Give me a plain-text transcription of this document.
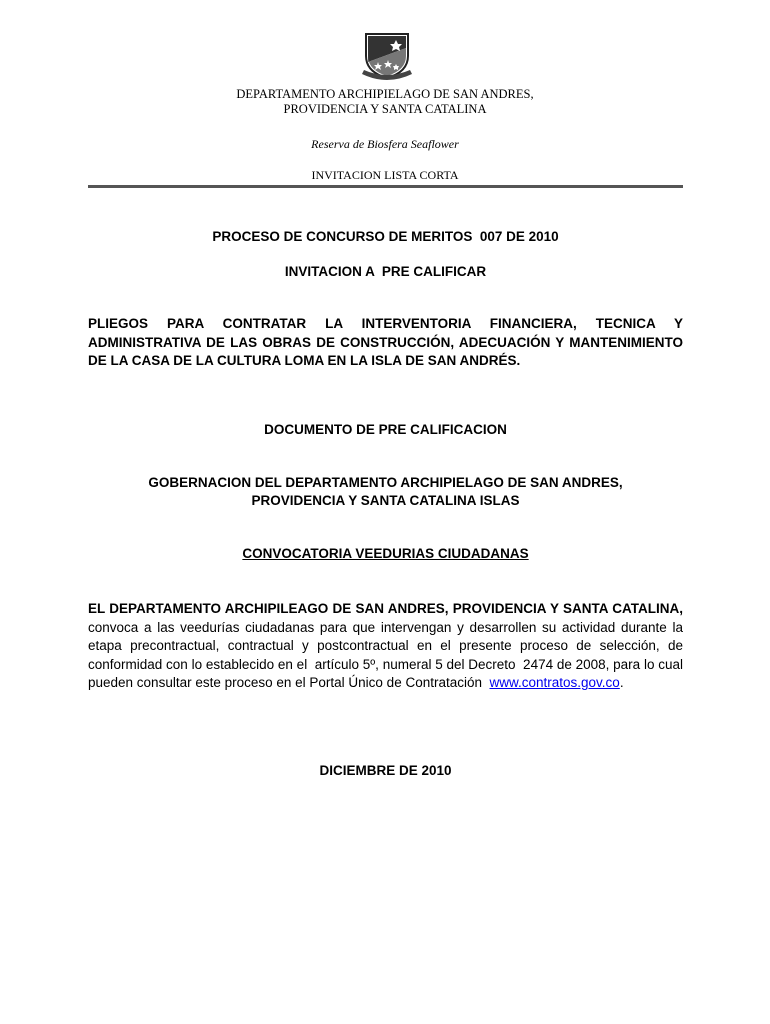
DEPARTAMENTO ARCHIPIELAGO DE SAN ANDRES,
PROVIDENCIA Y SANTA CATALINA
Reserva de Biosfera Seaflower
INVITACION LISTA CORTA
PROCESO DE CONCURSO DE MERITOS  007 DE 2010
INVITACION A  PRE CALIFICAR
PLIEGOS PARA CONTRATAR LA INTERVENTORIA FINANCIERA, TECNICA Y ADMINISTRATIVA DE LAS OBRAS DE CONSTRUCCIÓN, ADECUACIÓN Y MANTENIMIENTO DE LA CASA DE LA CULTURA LOMA EN LA ISLA DE SAN ANDRÉS.
DOCUMENTO DE PRE CALIFICACION
GOBERNACION DEL DEPARTAMENTO ARCHIPIELAGO DE SAN ANDRES,
PROVIDENCIA Y SANTA CATALINA ISLAS
CONVOCATORIA VEEDURIAS CIUDADANAS
EL DEPARTAMENTO ARCHIPILEAGO DE SAN ANDRES, PROVIDENCIA Y SANTA CATALINA, convoca a las veedurías ciudadanas para que intervengan y desarrollen su actividad durante la etapa precontractual, contractual y postcontractual en el presente proceso de selección, de conformidad con lo establecido en el  artículo 5º, numeral 5 del Decreto  2474 de 2008, para lo cual pueden consultar este proceso en el Portal Único de Contratación  www.contratos.gov.co.
DICIEMBRE DE 2010
